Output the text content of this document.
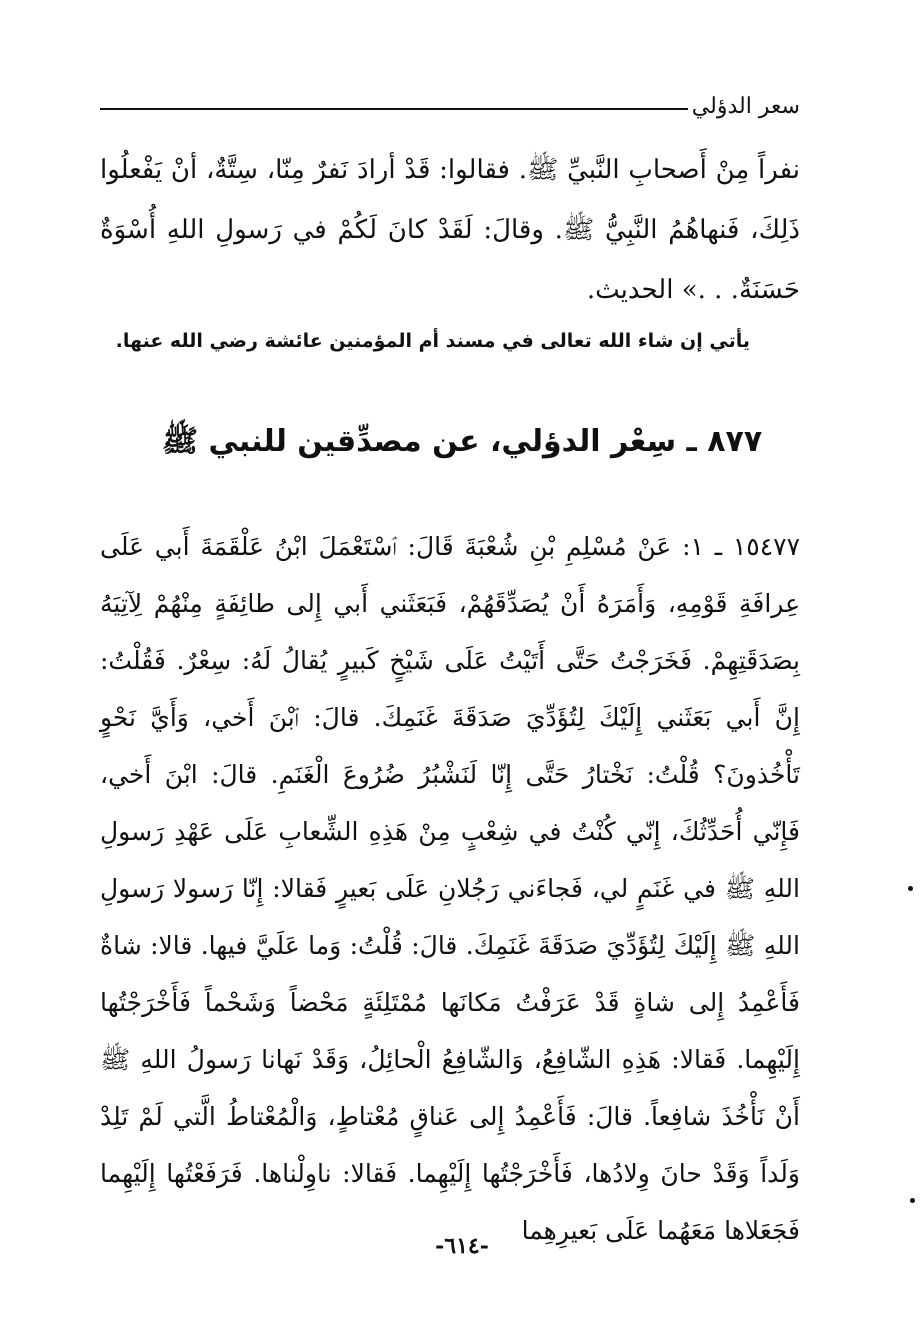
سعر الدؤلي
نفراً مِنْ أَصحابِ النَّبيِّ ﷺ. فقالوا: قَدْ أرادَ نَفرٌ مِنّا، سِتَّةٌ، أنْ يَفْعلُوا ذَلِكَ، فَنهاهُمُ النَّبِيُّ ﷺ. وقالَ: لَقَدْ كانَ لَكُمْ في رَسولِ اللهِ أُسْوَةٌ حَسَنَةٌ. . .» الحديث.
يأتي إن شاء الله تعالى في مسند أم المؤمنين عائشة رضي الله عنها.
٨٧٧ ـ سِعْر الدؤلي، عن مصدِّقين للنبي ﷺ
١٥٤٧٧ ـ ١: عَنْ مُسْلِمِ بْنِ شُعْبَةَ قَالَ: ٱسْتَعْمَلَ ابْنُ عَلْقَمَةَ أَبي عَلَى عِرافَةِ قَوْمِهِ، وَأَمَرَهُ أَنْ يُصَدِّقَهُمْ، فَبَعَثَني أَبي إِلى طائِفَةٍ مِنْهُمْ لِآتِيَهُ بِصَدَقَتِهِمْ. فَخَرَجْتُ حَتَّى أَتَيْتُ عَلَى شَيْخٍ كَبيرٍ يُقالُ لَهُ: سِعْرٌ. فَقُلْتُ: إِنَّ أَبي بَعَثَني إِلَيْكَ لِتُؤَدِّيَ صَدَقَةَ غَنَمِكَ. قالَ: ٱبْنَ أَخي، وَأَيَّ نَحْوٍ تَأْخُذونَ؟ قُلْتُ: نَخْتارُ حَتَّى إِنّا لَنَشْبُرُ ضُرُوعَ الْغَنَمِ. قالَ: ابْنَ أَخي، فَإِنّي أُحَدِّثُكَ، إِنّي كُنْتُ في شِعْبٍ مِنْ هَذِهِ الشِّعابِ عَلَى عَهْدِ رَسولِ اللهِ ﷺ في غَنَمٍ لي، فَجاءَني رَجُلانِ عَلَى بَعيرٍ فَقالا: إِنّا رَسولا رَسولِ اللهِ ﷺ إِلَيْكَ لِتُؤَدِّيَ صَدَقَةَ غَنَمِكَ. قالَ: قُلْتُ: وَما عَلَيَّ فيها. قالا: شاةٌ فَأَعْمِدُ إِلى شاةٍ قَدْ عَرَفْتُ مَكانَها مُمْتَلِئَةٍ مَحْضاً وَشَحْماً فَأَخْرَجْتُها إِلَيْهِما. فَقالا: هَذِهِ الشّافِعُ، وَالشّافِعُ الْحائِلُ، وَقَدْ نَهانا رَسولُ اللهِ ﷺ أَنْ نَأْخُذَ شافِعاً. قالَ: فَأَعْمِدُ إِلى عَناقٍ مُعْتاطٍ، وَالْمُعْتاطُ الَّتي لَمْ تَلِدْ وَلَداً وَقَدْ حانَ وِلادُها، فَأَخْرَجْتُها إِلَيْهِما. فَقالا: ناوِلْناها. فَرَفَعْتُها إِلَيْهِما فَجَعَلاها مَعَهُما عَلَى بَعيرِهِما
-٦١٤-
